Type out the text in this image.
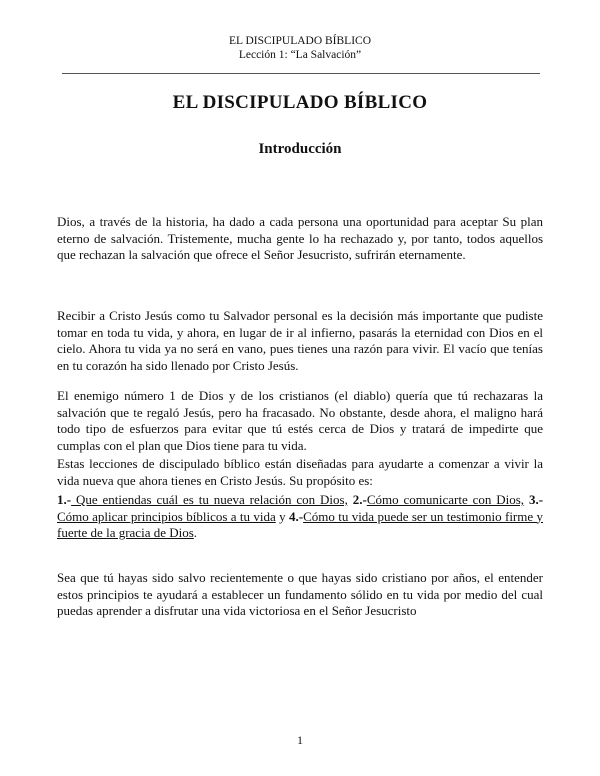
EL DISCIPULADO BÍBLICO
Lección 1: “La Salvación”
EL DISCIPULADO BÍBLICO
Introducción

Dios, a través de la historia, ha dado a cada persona una oportunidad para aceptar Su plan eterno de salvación. Tristemente, mucha gente lo ha rechazado y, por tanto, todos aquellos que rechazan la salvación que ofrece el Señor Jesucristo, sufrirán eternamente.

Recibir a Cristo Jesús como tu Salvador personal es la decisión más importante que pudiste tomar en toda tu vida, y ahora, en lugar de ir al infierno, pasarás la eternidad con Dios en el cielo. Ahora tu vida ya no será en vano, pues tienes una razón para vivir. El vacío que tenías en tu corazón ha sido llenado por Cristo Jesús.

El enemigo número 1 de Dios y de los cristianos (el diablo) quería que tú rechazaras la salvación que te regaló Jesús, pero ha fracasado. No obstante, desde ahora, el maligno hará todo tipo de esfuerzos para evitar que tú estés cerca de Dios y tratará de impedirte que cumplas con el plan que Dios tiene para tu vida.

Estas lecciones de discipulado bíblico están diseñadas para ayudarte a comenzar a vivir la vida nueva que ahora tienes en Cristo Jesús. Su propósito es:

1.- Que entiendas cuál es tu nueva relación con Dios, 2.-Cómo comunicarte con Dios, 3.-Cómo aplicar principios bíblicos a tu vida y 4.-Cómo tu vida puede ser un testimonio firme y fuerte de la gracia de Dios.

Sea que tú hayas sido salvo recientemente o que hayas sido cristiano por años, el entender estos principios te ayudará a establecer un fundamento sólido en tu vida por medio del cual puedas aprender a disfrutar una vida victoriosa en el Señor Jesucristo

1
